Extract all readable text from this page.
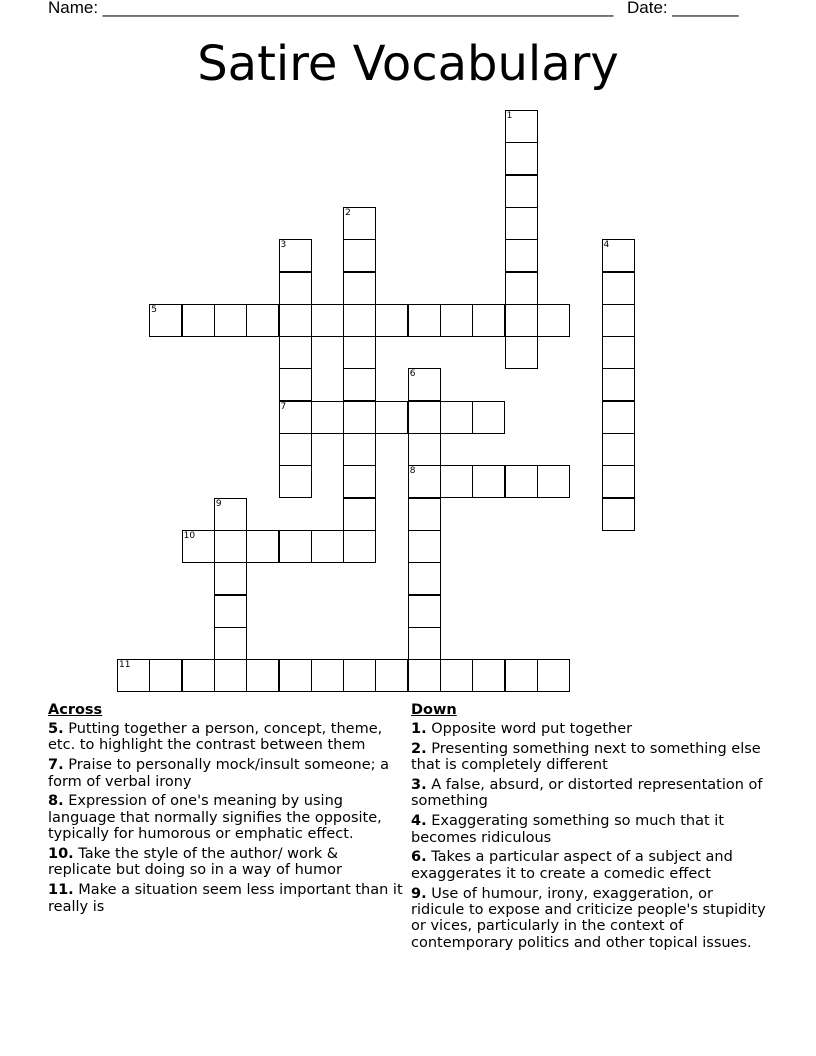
Name: ______________________________________________________ Date: _______
Satire Vocabulary
1
2
3
7
4
5
6
8
9
10
11
Across
5. Putting together a person, concept, theme, etc. to highlight the contrast between them
7. Praise to personally mock/insult someone; a form of verbal irony
8. Expression of one's meaning by using language that normally signifies the opposite, typically for humorous or emphatic effect.
10. Take the style of the author/ work & replicate but doing so in a way of humor
11. Make a situation seem less important than it really is
Down
1. Opposite word put together
2. Presenting something next to something else that is completely different
3. A false, absurd, or distorted representation of something
4. Exaggerating something so much that it becomes ridiculous
6. Takes a particular aspect of a subject and exaggerates it to create a comedic effect
9. Use of humour, irony, exaggeration, or ridicule to expose and criticize people's stupidity or vices, particularly in the context of contemporary politics and other topical issues.
